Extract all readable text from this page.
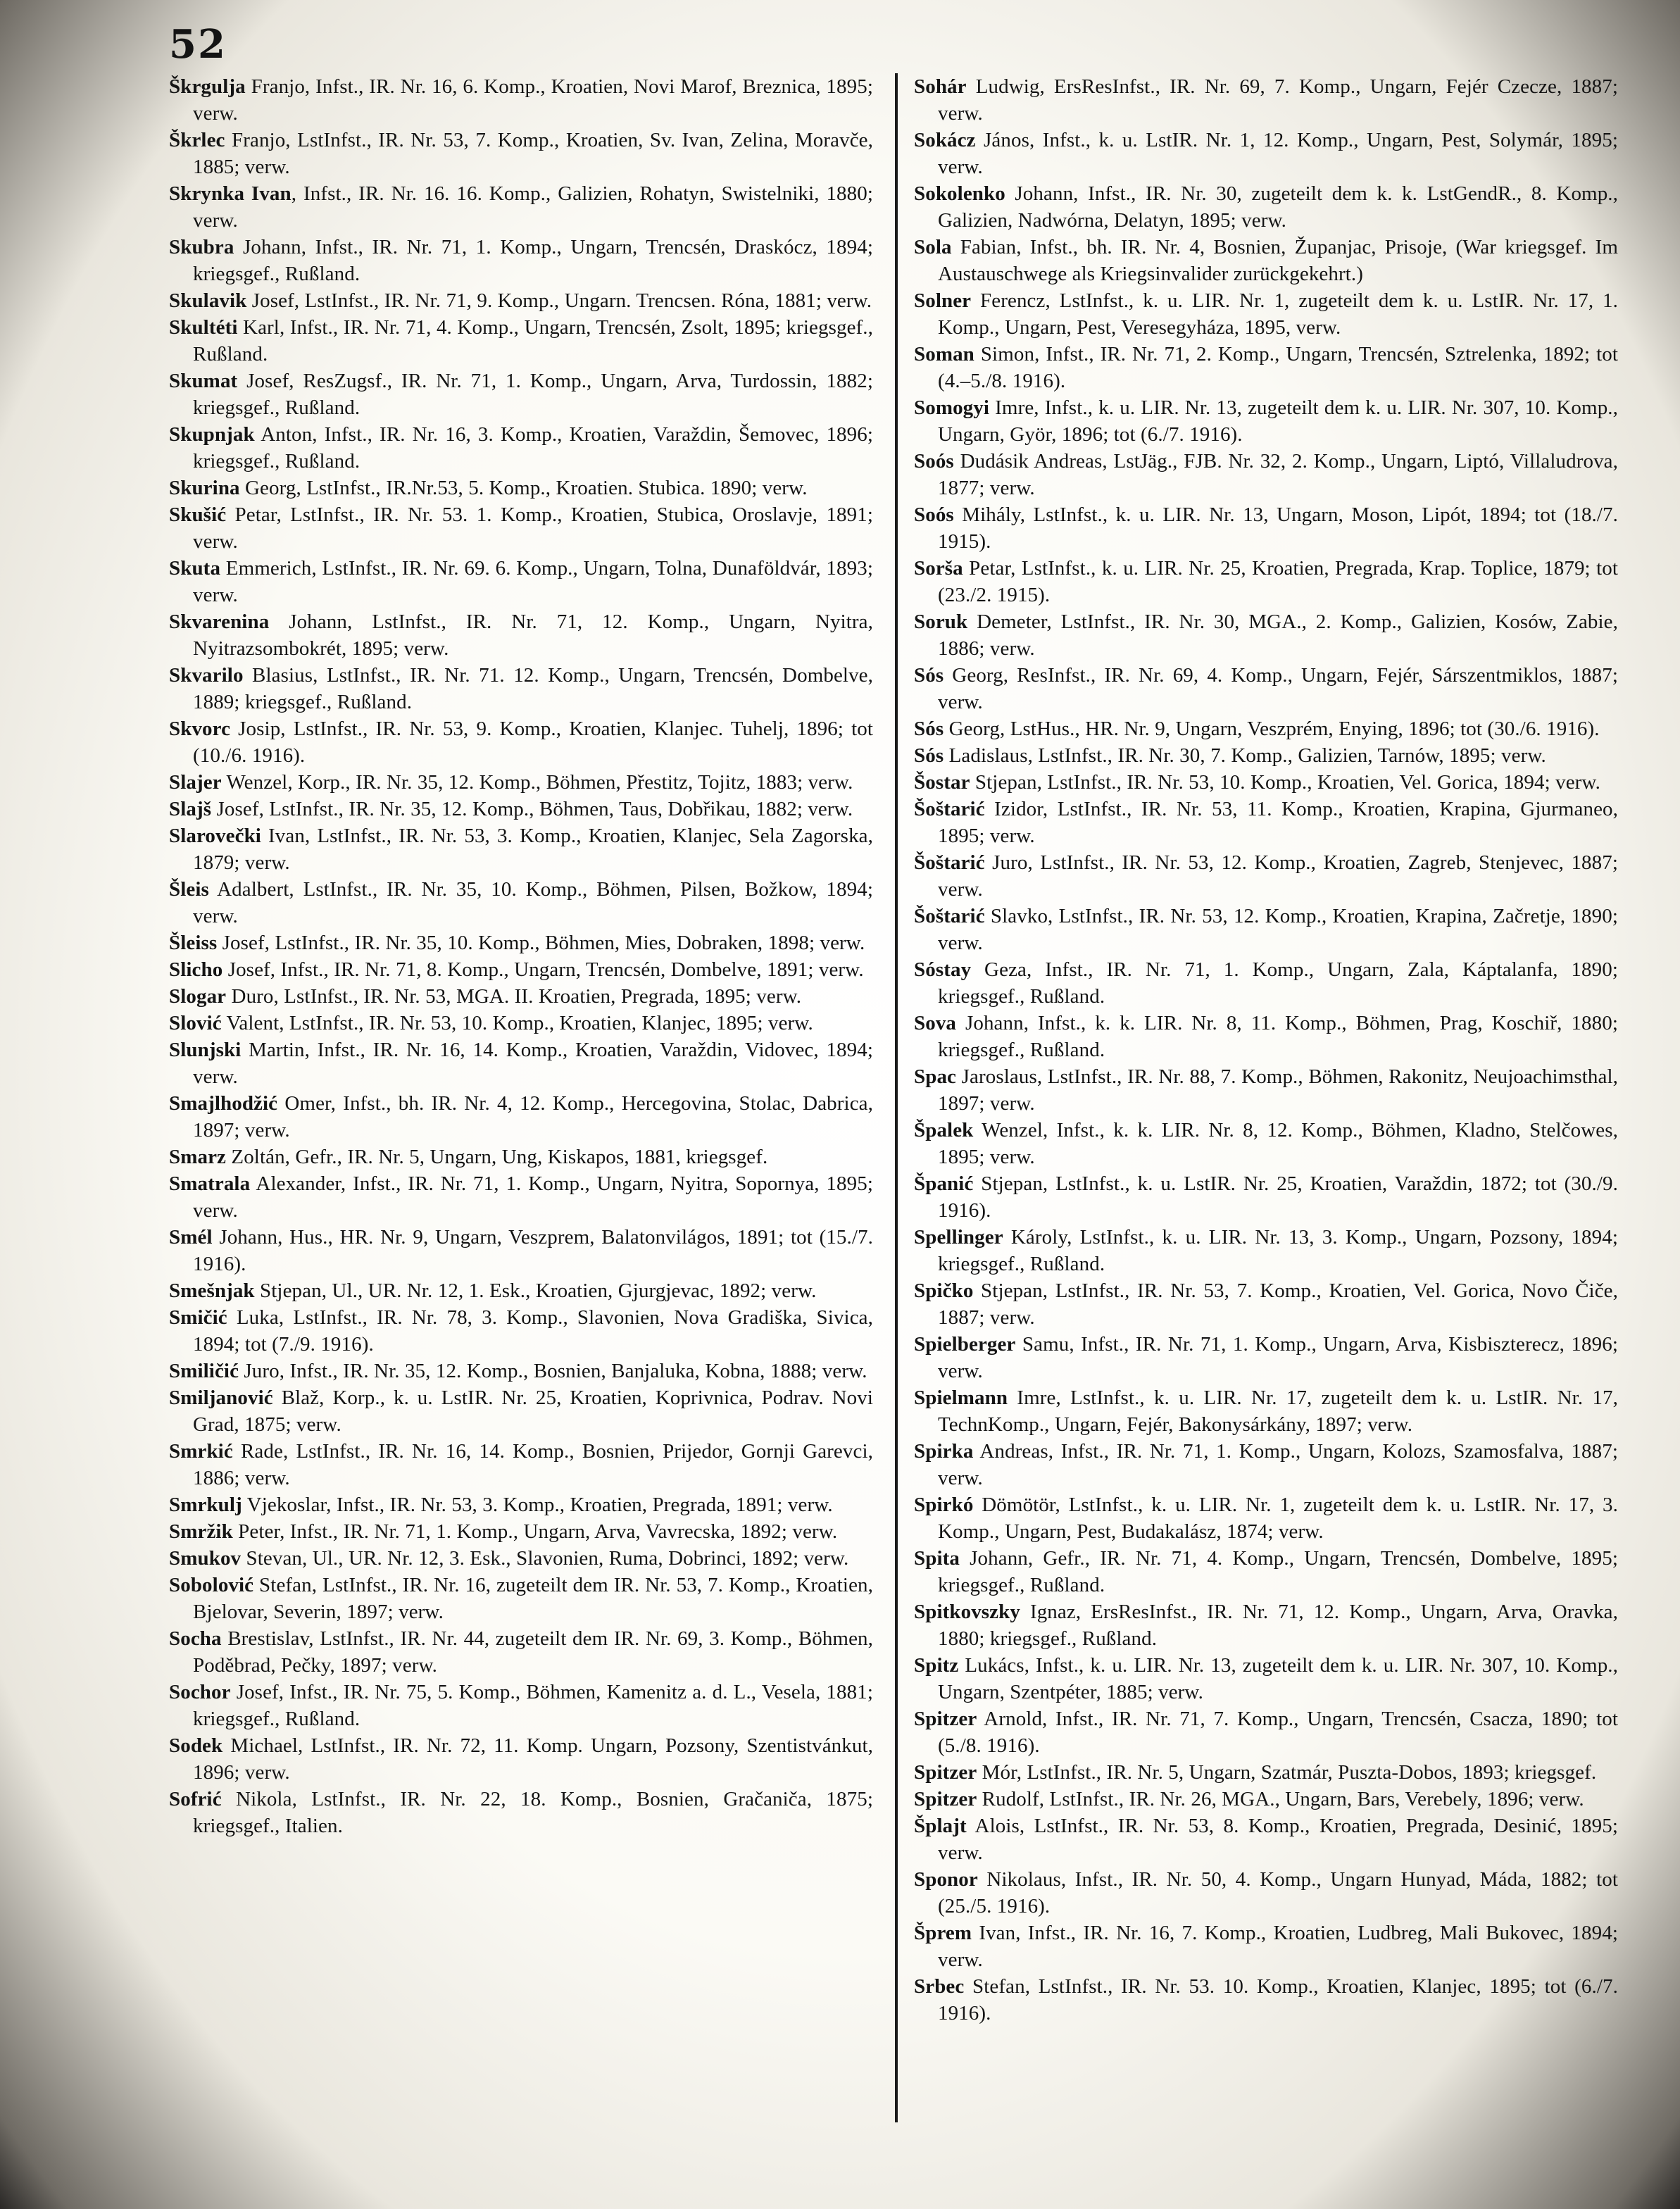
52
Škrgulja Franjo, Infst., IR. Nr. 16, 6. Komp., Kroatien, Novi Marof, Breznica, 1895; verw.
Škrlec Franjo, LstInfst., IR. Nr. 53, 7. Komp., Kroatien, Sv. Ivan, Zelina, Moravče, 1885; verw.
Skrynka Ivan, Infst., IR. Nr. 16. 16. Komp., Galizien, Rohatyn, Swistelniki, 1880; verw.
Skubra Johann, Infst., IR. Nr. 71, 1. Komp., Ungarn, Trencsén, Draskócz, 1894; kriegsgef., Rußland.
Skulavik Josef, LstInfst., IR. Nr. 71, 9. Komp., Ungarn. Trencsen. Róna, 1881; verw.
Skultéti Karl, Infst., IR. Nr. 71, 4. Komp., Ungarn, Trencsén, Zsolt, 1895; kriegsgef., Rußland.
Skumat Josef, ResZugsf., IR. Nr. 71, 1. Komp., Ungarn, Arva, Turdossin, 1882; kriegsgef., Rußland.
Skupnjak Anton, Infst., IR. Nr. 16, 3. Komp., Kroatien, Varaždin, Šemovec, 1896; kriegsgef., Rußland.
Skurina Georg, LstInfst., IR.Nr.53, 5. Komp., Kroatien. Stubica. 1890; verw.
Skušić Petar, LstInfst., IR. Nr. 53. 1. Komp., Kroatien, Stubica, Oroslavje, 1891; verw.
Skuta Emmerich, LstInfst., IR. Nr. 69. 6. Komp., Ungarn, Tolna, Dunaföldvár, 1893; verw.
Skvarenina Johann, LstInfst., IR. Nr. 71, 12. Komp., Ungarn, Nyitra, Nyitrazsombokrét, 1895; verw.
Skvarilo Blasius, LstInfst., IR. Nr. 71. 12. Komp., Ungarn, Trencsén, Dombelve, 1889; kriegsgef., Rußland.
Skvorc Josip, LstInfst., IR. Nr. 53, 9. Komp., Kroatien, Klanjec. Tuhelj, 1896; tot (10./6. 1916).
Slajer Wenzel, Korp., IR. Nr. 35, 12. Komp., Böhmen, Přestitz, Tojitz, 1883; verw.
Slajš Josef, LstInfst., IR. Nr. 35, 12. Komp., Böhmen, Taus, Dobřikau, 1882; verw.
Slarovečki Ivan, LstInfst., IR. Nr. 53, 3. Komp., Kroatien, Klanjec, Sela Zagorska, 1879; verw.
Šleis Adalbert, LstInfst., IR. Nr. 35, 10. Komp., Böhmen, Pilsen, Božkow, 1894; verw.
Šleiss Josef, LstInfst., IR. Nr. 35, 10. Komp., Böhmen, Mies, Dobraken, 1898; verw.
Slicho Josef, Infst., IR. Nr. 71, 8. Komp., Ungarn, Trencsén, Dombelve, 1891; verw.
Slogar Duro, LstInfst., IR. Nr. 53, MGA. II. Kroatien, Pregrada, 1895; verw.
Slović Valent, LstInfst., IR. Nr. 53, 10. Komp., Kroatien, Klanjec, 1895; verw.
Slunjski Martin, Infst., IR. Nr. 16, 14. Komp., Kroatien, Varaždin, Vidovec, 1894; verw.
Smajlhodžić Omer, Infst., bh. IR. Nr. 4, 12. Komp., Hercegovina, Stolac, Dabrica, 1897; verw.
Smarz Zoltán, Gefr., IR. Nr. 5, Ungarn, Ung, Kiskapos, 1881, kriegsgef.
Smatrala Alexander, Infst., IR. Nr. 71, 1. Komp., Ungarn, Nyitra, Sopornya, 1895; verw.
Smél Johann, Hus., HR. Nr. 9, Ungarn, Veszprem, Balatonvilágos, 1891; tot (15./7. 1916).
Smešnjak Stjepan, Ul., UR. Nr. 12, 1. Esk., Kroatien, Gjurgjevac, 1892; verw.
Smičić Luka, LstInfst., IR. Nr. 78, 3. Komp., Slavonien, Nova Gradiška, Sivica, 1894; tot (7./9. 1916).
Smiličić Juro, Infst., IR. Nr. 35, 12. Komp., Bosnien, Banjaluka, Kobna, 1888; verw.
Smiljanović Blaž, Korp., k. u. LstIR. Nr. 25, Kroatien, Koprivnica, Podrav. Novi Grad, 1875; verw.
Smrkić Rade, LstInfst., IR. Nr. 16, 14. Komp., Bosnien, Prijedor, Gornji Garevci, 1886; verw.
Smrkulj Vjekoslar, Infst., IR. Nr. 53, 3. Komp., Kroatien, Pregrada, 1891; verw.
Smržik Peter, Infst., IR. Nr. 71, 1. Komp., Ungarn, Arva, Vavrecska, 1892; verw.
Smukov Stevan, Ul., UR. Nr. 12, 3. Esk., Slavonien, Ruma, Dobrinci, 1892; verw.
Sobolović Stefan, LstInfst., IR. Nr. 16, zugeteilt dem IR. Nr. 53, 7. Komp., Kroatien, Bjelovar, Severin, 1897; verw.
Socha Brestislav, LstInfst., IR. Nr. 44, zugeteilt dem IR. Nr. 69, 3. Komp., Böhmen, Poděbrad, Pečky, 1897; verw.
Sochor Josef, Infst., IR. Nr. 75, 5. Komp., Böhmen, Kamenitz a. d. L., Vesela, 1881; kriegsgef., Rußland.
Sodek Michael, LstInfst., IR. Nr. 72, 11. Komp. Ungarn, Pozsony, Szentistvánkut, 1896; verw.
Sofrić Nikola, LstInfst., IR. Nr. 22, 18. Komp., Bosnien, Gračaniča, 1875; kriegsgef., Italien.
Sohár Ludwig, ErsResInfst., IR. Nr. 69, 7. Komp., Ungarn, Fejér Czecze, 1887; verw.
Sokácz János, Infst., k. u. LstIR. Nr. 1, 12. Komp., Ungarn, Pest, Solymár, 1895; verw.
Sokolenko Johann, Infst., IR. Nr. 30, zugeteilt dem k. k. LstGendR., 8. Komp., Galizien, Nadwórna, Delatyn, 1895; verw.
Sola Fabian, Infst., bh. IR. Nr. 4, Bosnien, Županjac, Prisoje, (War kriegsgef. Im Austauschwege als Kriegsinvalider zurückgekehrt.)
Solner Ferencz, LstInfst., k. u. LIR. Nr. 1, zugeteilt dem k. u. LstIR. Nr. 17, 1. Komp., Ungarn, Pest, Veresegyháza, 1895, verw.
Soman Simon, Infst., IR. Nr. 71, 2. Komp., Ungarn, Trencsén, Sztrelenka, 1892; tot (4.–5./8. 1916).
Somogyi Imre, Infst., k. u. LIR. Nr. 13, zugeteilt dem k. u. LIR. Nr. 307, 10. Komp., Ungarn, Györ, 1896; tot (6./7. 1916).
Soós Dudásik Andreas, LstJäg., FJB. Nr. 32, 2. Komp., Ungarn, Liptó, Villaludrova, 1877; verw.
Soós Mihály, LstInfst., k. u. LIR. Nr. 13, Ungarn, Moson, Lipót, 1894; tot (18./7. 1915).
Sorša Petar, LstInfst., k. u. LIR. Nr. 25, Kroatien, Pregrada, Krap. Toplice, 1879; tot (23./2. 1915).
Soruk Demeter, LstInfst., IR. Nr. 30, MGA., 2. Komp., Galizien, Kosów, Zabie, 1886; verw.
Sós Georg, ResInfst., IR. Nr. 69, 4. Komp., Ungarn, Fejér, Sárszentmiklos, 1887; verw.
Sós Georg, LstHus., HR. Nr. 9, Ungarn, Veszprém, Enying, 1896; tot (30./6. 1916).
Sós Ladislaus, LstInfst., IR. Nr. 30, 7. Komp., Galizien, Tarnów, 1895; verw.
Šostar Stjepan, LstInfst., IR. Nr. 53, 10. Komp., Kroatien, Vel. Gorica, 1894; verw.
Šoštarić Izidor, LstInfst., IR. Nr. 53, 11. Komp., Kroatien, Krapina, Gjurmaneo, 1895; verw.
Šoštarić Juro, LstInfst., IR. Nr. 53, 12. Komp., Kroatien, Zagreb, Stenjevec, 1887; verw.
Šoštarić Slavko, LstInfst., IR. Nr. 53, 12. Komp., Kroatien, Krapina, Začretje, 1890; verw.
Sóstay Geza, Infst., IR. Nr. 71, 1. Komp., Ungarn, Zala, Káptalanfa, 1890; kriegsgef., Rußland.
Sova Johann, Infst., k. k. LIR. Nr. 8, 11. Komp., Böhmen, Prag, Koschiř, 1880; kriegsgef., Rußland.
Spac Jaroslaus, LstInfst., IR. Nr. 88, 7. Komp., Böhmen, Rakonitz, Neujoachimsthal, 1897; verw.
Špalek Wenzel, Infst., k. k. LIR. Nr. 8, 12. Komp., Böhmen, Kladno, Stelčowes, 1895; verw.
Španić Stjepan, LstInfst., k. u. LstIR. Nr. 25, Kroatien, Varaždin, 1872; tot (30./9. 1916).
Spellinger Károly, LstInfst., k. u. LIR. Nr. 13, 3. Komp., Ungarn, Pozsony, 1894; kriegsgef., Rußland.
Spičko Stjepan, LstInfst., IR. Nr. 53, 7. Komp., Kroatien, Vel. Gorica, Novo Čiče, 1887; verw.
Spielberger Samu, Infst., IR. Nr. 71, 1. Komp., Ungarn, Arva, Kisbiszterecz, 1896; verw.
Spielmann Imre, LstInfst., k. u. LIR. Nr. 17, zugeteilt dem k. u. LstIR. Nr. 17, TechnKomp., Ungarn, Fejér, Bakonysárkány, 1897; verw.
Spirka Andreas, Infst., IR. Nr. 71, 1. Komp., Ungarn, Kolozs, Szamosfalva, 1887; verw.
Spirkó Dömötör, LstInfst., k. u. LIR. Nr. 1, zugeteilt dem k. u. LstIR. Nr. 17, 3. Komp., Ungarn, Pest, Budakalász, 1874; verw.
Spita Johann, Gefr., IR. Nr. 71, 4. Komp., Ungarn, Trencsén, Dombelve, 1895; kriegsgef., Rußland.
Spitkovszky Ignaz, ErsResInfst., IR. Nr. 71, 12. Komp., Ungarn, Arva, Oravka, 1880; kriegsgef., Rußland.
Spitz Lukács, Infst., k. u. LIR. Nr. 13, zugeteilt dem k. u. LIR. Nr. 307, 10. Komp., Ungarn, Szentpéter, 1885; verw.
Spitzer Arnold, Infst., IR. Nr. 71, 7. Komp., Ungarn, Trencsén, Csacza, 1890; tot (5./8. 1916).
Spitzer Mór, LstInfst., IR. Nr. 5, Ungarn, Szatmár, Puszta-Dobos, 1893; kriegsgef.
Spitzer Rudolf, LstInfst., IR. Nr. 26, MGA., Ungarn, Bars, Verebely, 1896; verw.
Šplajt Alois, LstInfst., IR. Nr. 53, 8. Komp., Kroatien, Pregrada, Desinić, 1895; verw.
Sponor Nikolaus, Infst., IR. Nr. 50, 4. Komp., Ungarn Hunyad, Máda, 1882; tot (25./5. 1916).
Šprem Ivan, Infst., IR. Nr. 16, 7. Komp., Kroatien, Ludbreg, Mali Bukovec, 1894; verw.
Srbec Stefan, LstInfst., IR. Nr. 53. 10. Komp., Kroatien, Klanjec, 1895; tot (6./7. 1916).
